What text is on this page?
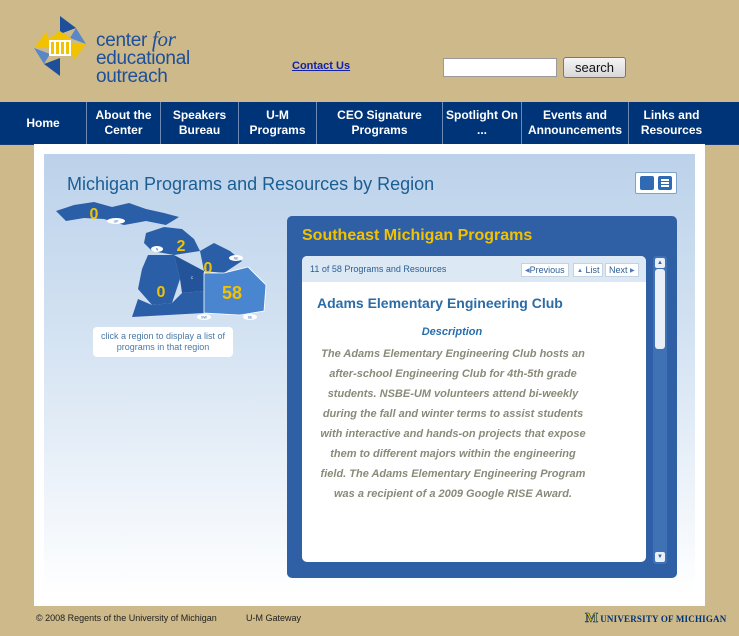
center for
educational
outreach	Contact Us	search
Home
About the Center
Speakers Bureau
U-M Programs
CEO Signature Programs
Spotlight On ...
Events and Announcements
Links and Resources
Michigan Programs and Resources by Region
UP
0
N 2
NE
0
0
C
SW	SE
58
click a region to display a list of programs in that region
Southeast Michigan Programs
11 of 58 Programs and Resources	◀Previous	▲ List	Next ▶
Adams Elementary Engineering Club
Description
The Adams Elementary Engineering Club hosts an after-school Engineering Club for 4th-5th grade students. NSBE-UM volunteers attend bi-weekly during the fall and winter terms to assist students with interactive and hands-on projects that expose them to different majors within the engineering field. The Adams Elementary Engineering Program was a recipient of a 2009 Google RISE Award.
▲
▼
© 2008 Regents of the University of Michigan	U-M Gateway	M UNIVERSITY OF MICHIGAN
